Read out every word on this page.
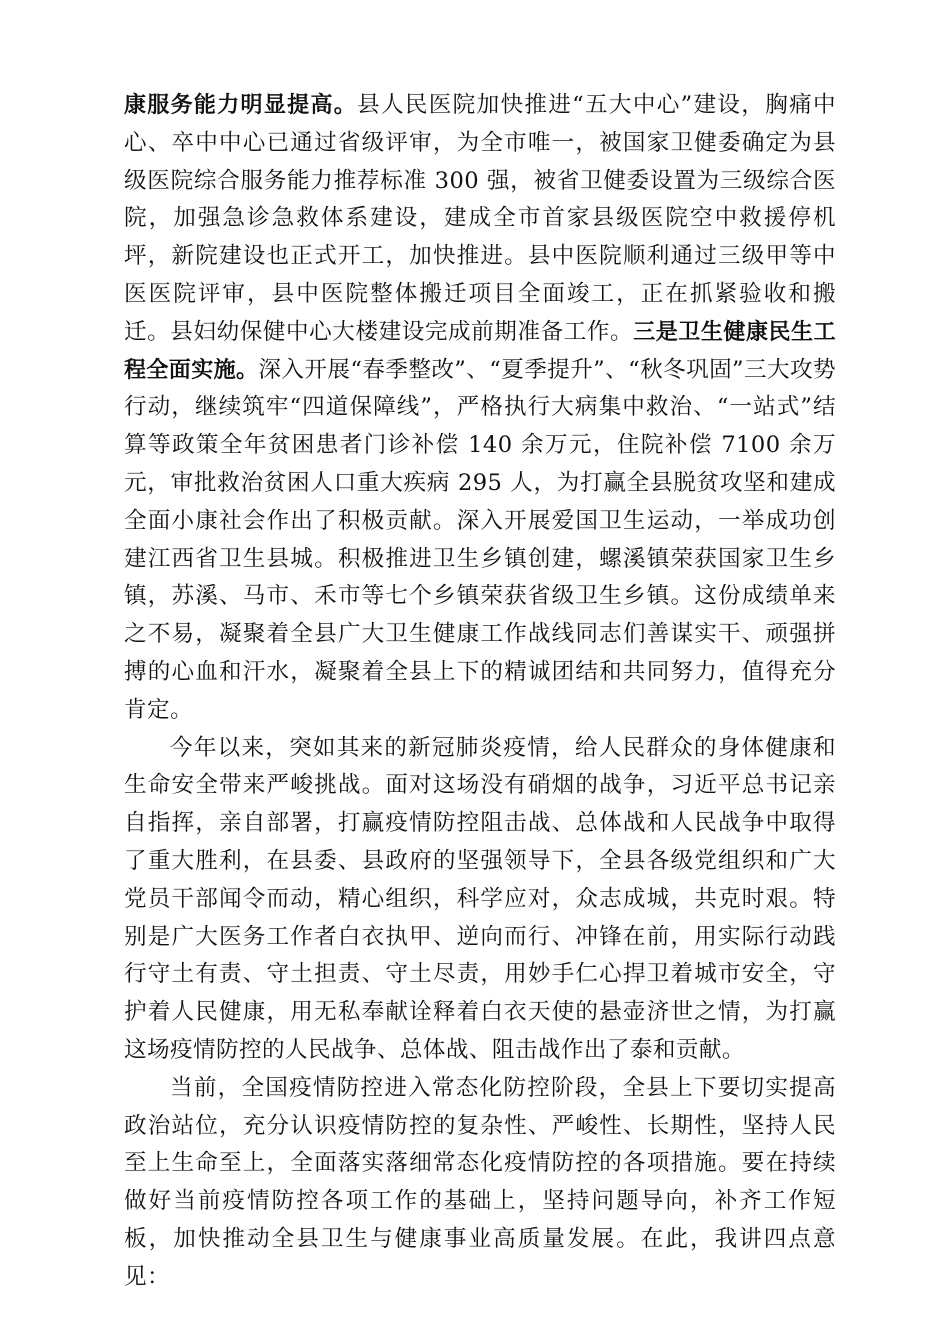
康服务能力明显提高。县人民医院加快推进“五大中心”建设，胸痛中心、卒中中心已通过省级评审，为全市唯一，被国家卫健委确定为县级医院综合服务能力推荐标准 300 强，被省卫健委设置为三级综合医院，加强急诊急救体系建设，建成全市首家县级医院空中救援停机坪，新院建设也正式开工，加快推进。县中医院顺利通过三级甲等中医医院评审，县中医院整体搬迁项目全面竣工，正在抓紧验收和搬迁。县妇幼保健中心大楼建设完成前期准备工作。三是卫生健康民生工程全面实施。深入开展“春季整改”、“夏季提升”、“秋冬巩固”三大攻势行动，继续筑牢“四道保障线”，严格执行大病集中救治、“一站式”结算等政策全年贫困患者门诊补偿 140 余万元，住院补偿 7100 余万元，审批救治贫困人口重大疾病 295 人，为打赢全县脱贫攻坚和建成全面小康社会作出了积极贡献。深入开展爱国卫生运动，一举成功创建江西省卫生县城。积极推进卫生乡镇创建，螺溪镇荣获国家卫生乡镇，苏溪、马市、禾市等七个乡镇荣获省级卫生乡镇。这份成绩单来之不易，凝聚着全县广大卫生健康工作战线同志们善谋实干、顽强拼搏的心血和汗水，凝聚着全县上下的精诚团结和共同努力，值得充分肯定。

今年以来，突如其来的新冠肺炎疫情，给人民群众的身体健康和生命安全带来严峻挑战。面对这场没有硝烟的战争，习近平总书记亲自指挥，亲自部署，打赢疫情防控阻击战、总体战和人民战争中取得了重大胜利，在县委、县政府的坚强领导下，全县各级党组织和广大党员干部闻令而动，精心组织，科学应对，众志成城，共克时艰。特别是广大医务工作者白衣执甲、逆向而行、冲锋在前，用实际行动践行守土有责、守土担责、守土尽责，用妙手仁心捍卫着城市安全，守护着人民健康，用无私奉献诠释着白衣天使的悬壶济世之情，为打赢这场疫情防控的人民战争、总体战、阻击战作出了泰和贡献。

当前，全国疫情防控进入常态化防控阶段，全县上下要切实提高政治站位，充分认识疫情防控的复杂性、严峻性、长期性，坚持人民至上生命至上，全面落实落细常态化疫情防控的各项措施。要在持续做好当前疫情防控各项工作的基础上，坚持问题导向，补齐工作短板，加快推动全县卫生与健康事业高质量发展。在此，我讲四点意见：
